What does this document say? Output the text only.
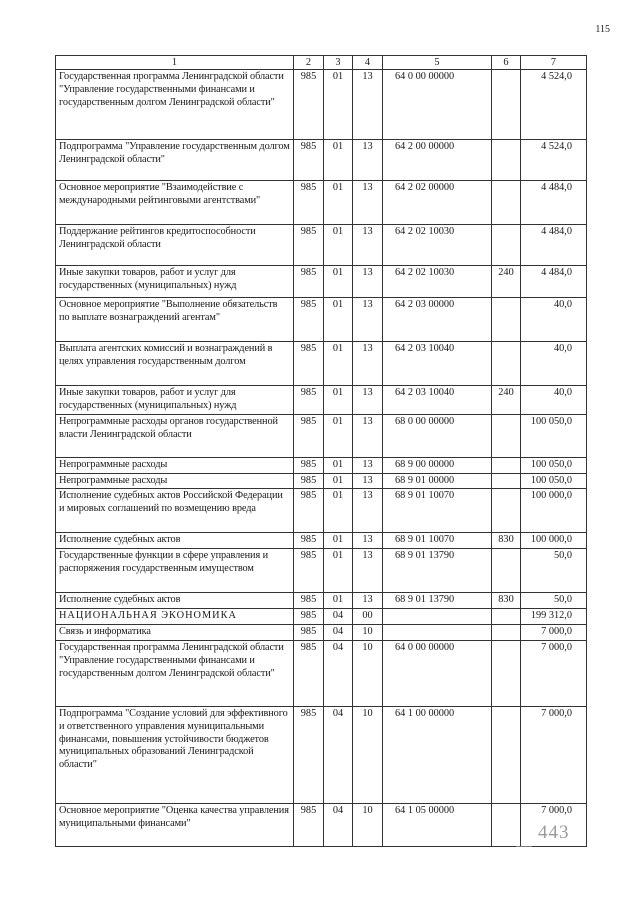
115
1	2	3	4	5	6	7
Государственная программа Ленинградской области "Управление государственными финансами и государственным долгом Ленинградской области"	985	01	13	64 0 00 00000		4 524,0
Подпрограмма "Управление государственным долгом Ленинградской области"	985	01	13	64 2 00 00000		4 524,0
Основное мероприятие "Взаимодействие с международными рейтинговыми агентствами"	985	01	13	64 2 02 00000		4 484,0
Поддержание рейтингов кредитоспособности Ленинградской области	985	01	13	64 2 02 10030		4 484,0
Иные закупки товаров, работ и услуг для государственных (муниципальных) нужд	985	01	13	64 2 02 10030	240	4 484,0
Основное мероприятие "Выполнение обязательств по выплате вознаграждений агентам"	985	01	13	64 2 03 00000		40,0
Выплата агентских комиссий и вознаграждений в целях управления государственным долгом	985	01	13	64 2 03 10040		40,0
Иные закупки товаров, работ и услуг для государственных (муниципальных) нужд	985	01	13	64 2 03 10040	240	40,0
Непрограммные расходы органов государственной власти Ленинградской области	985	01	13	68 0 00 00000		100 050,0
Непрограммные расходы	985	01	13	68 9 00 00000		100 050,0
Непрограммные расходы	985	01	13	68 9 01 00000		100 050,0
Исполнение судебных актов Российской Федерации и мировых соглашений по возмещению вреда	985	01	13	68 9 01 10070		100 000,0
Исполнение судебных актов	985	01	13	68 9 01 10070	830	100 000,0
Государственные функции в сфере управления и распоряжения государственным имуществом	985	01	13	68 9 01 13790		50,0
Исполнение судебных актов	985	01	13	68 9 01 13790	830	50,0
НАЦИОНАЛЬНАЯ ЭКОНОМИКА	985	04	00			199 312,0
Связь и информатика	985	04	10			7 000,0
Государственная программа Ленинградской области "Управление государственными финансами и государственным долгом Ленинградской области"	985	04	10	64 0 00 00000		7 000,0
Подпрограмма "Создание условий для эффективного и ответственного управления муниципальными финансами, повышения устойчивости бюджетов муниципальных образований Ленинградской области"	985	04	10	64 1 00 00000		7 000,0
Основное мероприятие "Оценка качества управления муниципальными финансами"	985	04	10	64 1 05 00000		7 000,0
443
